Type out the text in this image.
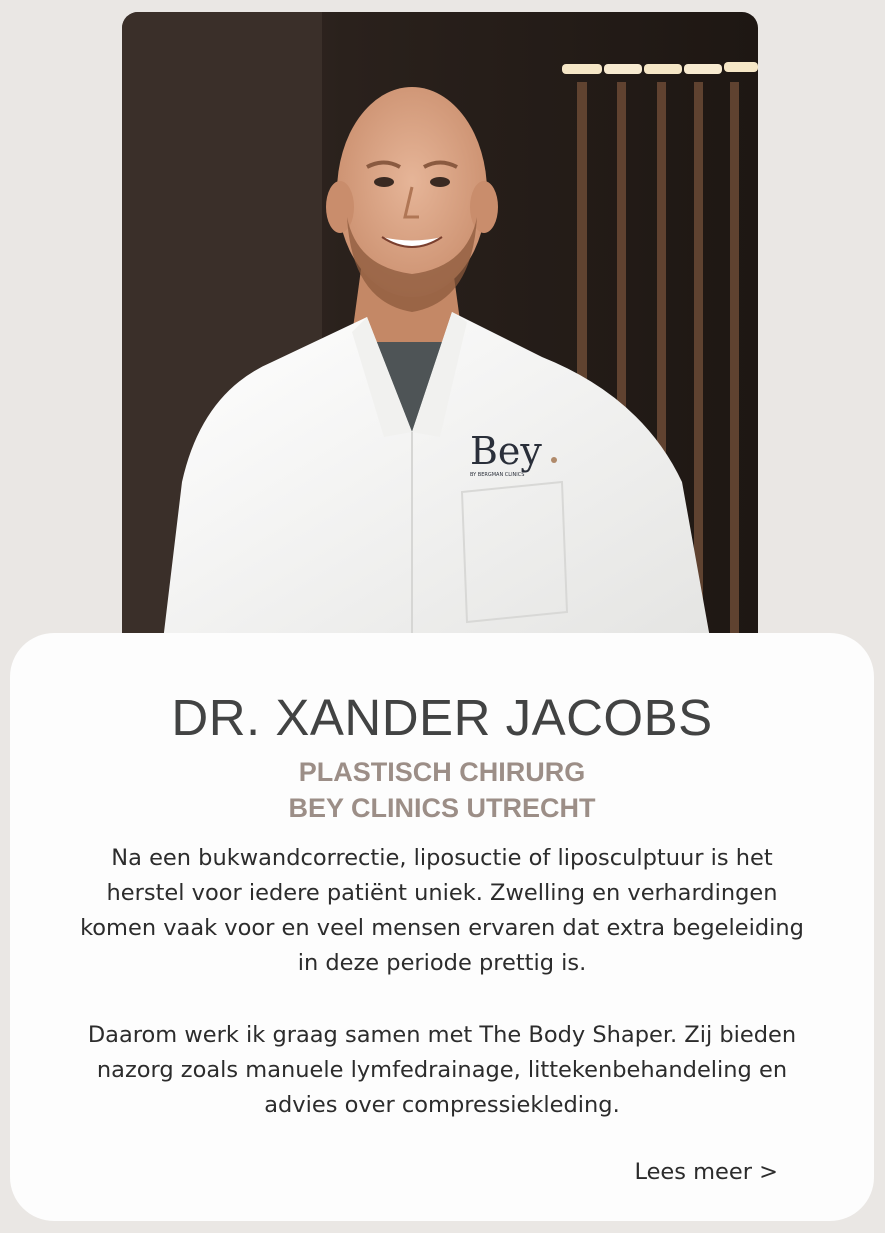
Bey
BY BERGMAN CLINICS
DR. XANDER JACOBS

PLASTISCH CHIRURG

BEY CLINICS UTRECHT

Na een bukwandcorrectie, liposuctie of liposculptuur is het herstel voor iedere patiënt uniek. Zwelling en verhardingen komen vaak voor en veel mensen ervaren dat extra begeleiding in deze periode prettig is.

Daarom werk ik graag samen met The Body Shaper. Zij bieden nazorg zoals manuele lymfedrainage, littekenbehandeling en advies over compressiekleding.

Lees meer >
